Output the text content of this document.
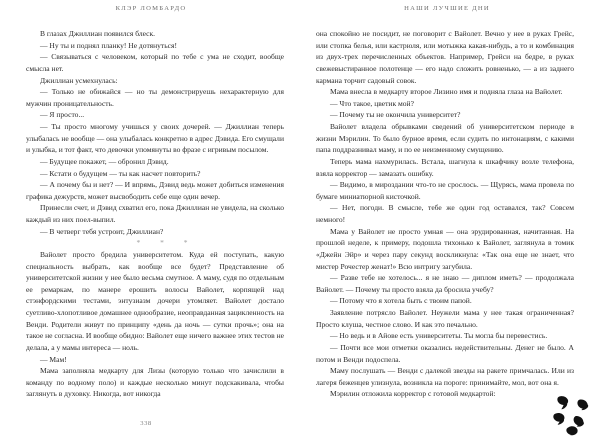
КЛЭР ЛОМБАРДО

В глазах Джиллиан появился блеск.

— Ну ты и поднял планку! Не дотянуться!

— Связываться с человеком, который по тебе с ума не сходит, вообще смысла нет.

Джиллиан усмехнулась:

— Только не обижайся — но ты демонстрируешь нехарактерную для мужчин проницательность.

— Я просто...

— Ты просто многому учишься у своих дочерей. — Джиллиан теперь улыбалась не вообще — она улыбалась конкретно в адрес Дэвида. Его смущали и улыбка, и тот факт, что девочки упомянуты во фразе с игривым посылом.

— Будущее покажет, — обронил Дэвид.

— Кстати о будущем — ты как насчет повторить?

— А почему бы и нет? — И впрямь, Дэвид ведь может добиться изменения графика дежурств, может высвободить себе еще один вечер.

Принесли счет, и Дэвид схватил его, пока Джиллиан не увидела, на сколько каждый из них поел-выпил.

— В четверг тебя устроит, Джиллиан?

* * *

Вайолет просто бредила университетом. Куда ей поступать, какую специальность выбрать, как вообще все будет? Представление об университетской жизни у нее было весьма смутное. А маму, судя по отдельным ее ремаркам, по манере ерошить волосы Вайолет, корпящей над стэнфордскими тестами, энтузиазм дочери утомляет. Вайолет достало суетливо-хлопотливое домашнее однообразие, неоправданная зацикленность на Венди. Родители живут по принципу «день да ночь — сутки прочь»; она на такое не согласна. И вообще обидно: Вайолет еще ничего важнее этих тестов не делала, а у мамы интереса — ноль.

— Мам!

Мама заполняла медкарту для Лизы (которую только что зачислили в команду по водному поло) и каждые несколько минут подскакивала, чтобы заглянуть в духовку. Никогда, вот никогда

338
НАШИ ЛУЧШИЕ ДНИ

она спокойно не посидит, не поговорит с Вайолет. Вечно у нее в руках Грейс, или стопка белья, или кастрюля, или мотыжка какая-нибудь, а то и комбинация из двух-трех перечисленных объектов. Например, Грейси на бедре, в руках свежевыстиранное полотенце — его надо сложить ровненько, — а из заднего кармана торчит садовый совок.

Мама внесла в медкарту второе Лизино имя и подняла глаза на Вайолет.

— Что такое, цветик мой?

— Почему ты не окончила университет?

Вайолет владела обрывками сведений об университетском периоде в жизни Мэрилин. То было бурное время, если судить по интонациям, с какими папа поддразнивал маму, и по ее неизменному смущению.

Теперь мама нахмурилась. Встала, шагнула к шкафчику возле телефона, взяла корректор — замазать ошибку.

— Видимо, в мироздании что-то не срослось. — Щурясь, мама провела по бумаге миниатюрной кисточкой.

— Нет, погоди. В смысле, тебе же один год оставался, так? Совсем немного!

Мама у Вайолет не просто умная — она эрудированная, начитанная. На прошлой неделе, к примеру, подошла тихонько к Вайолет, заглянула в томик «Джейн Эйр» и через пару секунд воскликнула: «Так она еще не знает, что мистер Рочестер женат!» Всю интригу загубила.

— Разве тебе не хотелось... я не знаю — диплом иметь? — продолжала Вайолет. — Почему ты просто взяла да бросила учебу?

— Потому что я хотела быть с твоим папой.

Заявление потрясло Вайолет. Неужели мама у нее такая ограниченная? Просто клуша, честное слово. И как это печально.

— Но ведь и в Айове есть университеты. Ты могла бы перевестись.

— Почти все мои отметки оказались недействительны. Денег не было. А потом и Венди подоспела.

Маму послушать — Венди с далекой звезды на ракете примчалась. Или из лагеря беженцев улизнула, возникла на пороге: принимайте, мол, вот она я.

Мэрилин отложила корректор с готовой медкартой:
